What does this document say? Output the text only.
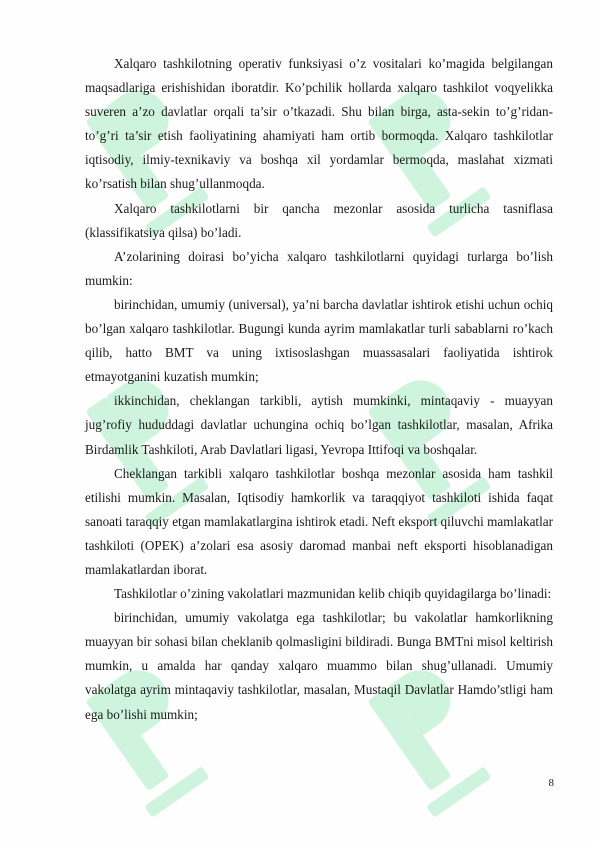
Xalqaro tashkilotning operativ funksiyasi o’z vositalari ko’magida belgilangan maqsadlariga erishishidan iboratdir. Ko’pchilik hollarda xalqaro tashkilot voqyelikka suveren a’zo davlatlar orqali ta’sir o’tkazadi. Shu bilan birga, asta-sekin to’g’ridan-to’g’ri ta’sir etish faoliyatining ahamiyati ham ortib bormoqda. Xalqaro tashkilotlar iqtisodiy, ilmiy-texnikaviy va boshqa xil yordamlar bermoqda, maslahat xizmati ko’rsatish bilan shug’ullanmoqda.

Xalqaro tashkilotlarni bir qancha mezonlar asosida turlicha tasniflasa (klassifikatsiya qilsa) bo’ladi.

A’zolarining doirasi bo’yicha xalqaro tashkilotlarni quyidagi turlarga bo’lish mumkin:

birinchidan, umumiy (universal), ya’ni barcha davlatlar ishtirok etishi uchun ochiq bo’lgan xalqaro tashkilotlar. Bugungi kunda ayrim mamlakatlar turli sabablarni ro’kach qilib, hatto BMT va uning ixtisoslashgan muassasalari faoliyatida ishtirok etmayotganini kuzatish mumkin;

ikkinchidan, cheklangan tarkibli, aytish mumkinki, mintaqaviy - muayyan jug’rofiy hududdagi davlatlar uchungina ochiq bo’lgan tashkilotlar, masalan, Afrika Birdamlik Tashkiloti, Arab Davlatlari ligasi, Yevropa Ittifoqi va boshqalar.

Cheklangan tarkibli xalqaro tashkilotlar boshqa mezonlar asosida ham tashkil etilishi mumkin. Masalan, Iqtisodiy hamkorlik va taraqqiyot tashkiloti ishida faqat sanoati taraqqiy etgan mamlakatlargina ishtirok etadi. Neft eksport qiluvchi mamlakatlar tashkiloti (OPEK) a’zolari esa asosiy daromad manbai neft eksporti hisoblanadigan mamlakatlardan iborat.

Tashkilotlar o’zining vakolatlari mazmunidan kelib chiqib quyidagilarga bo’linadi:

birinchidan, umumiy vakolatga ega tashkilotlar; bu vakolatlar hamkorlikning muayyan bir sohasi bilan cheklanib qolmasligini bildiradi. Bunga BMTni misol keltirish mumkin, u amalda har qanday xalqaro muammo bilan shug’ullanadi. Umumiy vakolatga ayrim mintaqaviy tashkilotlar, masalan, Mustaqil Davlatlar Hamdo’stligi ham ega bo’lishi mumkin;

8
